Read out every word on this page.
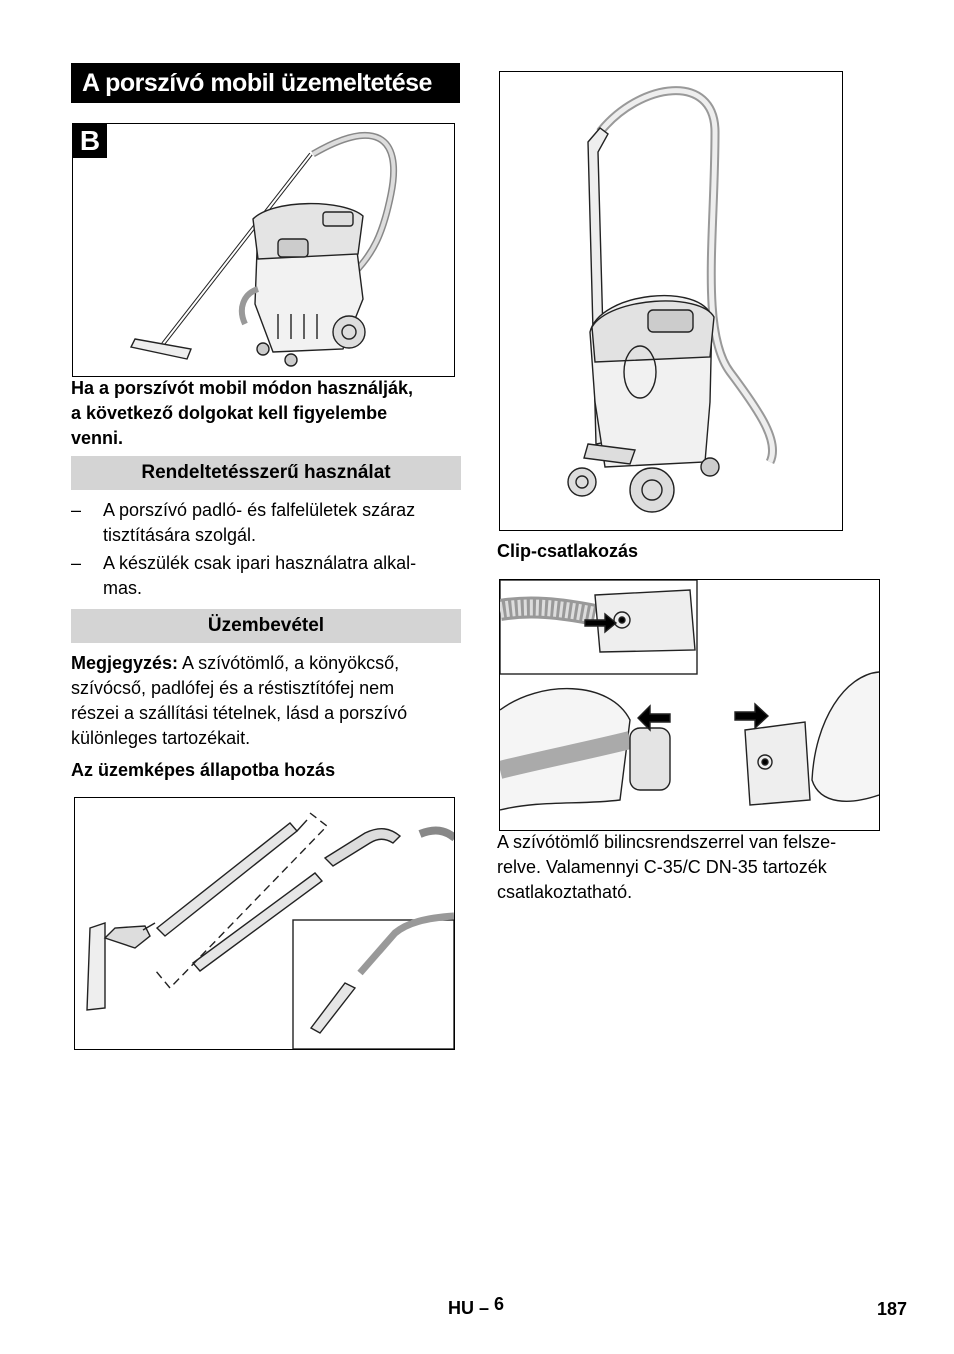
A porszívó mobil üzemeltetése
B
Ha a porszívót mobil módon használják,
a következő dolgokat kell figyelembe
venni.
Rendeltetésszerű használat
– A porszívó padló- és falfelületek száraz
tisztítására szolgál.
– A készülék csak ipari használatra alkal-
mas.
Üzembevétel
Megjegyzés: A szívótömlő, a könyökcső,
szívócső, padlófej és a réstisztítófej nem
részei a szállítási tételnek, lásd a porszívó
különleges tartozékait.
Az üzemképes állapotba hozás
Clip-csatlakozás
A szívótömlő bilincsrendszerrel van felsze-
relve. Valamennyi C-35/C DN-35 tartozék
csatlakoztatható.
HU – 6	187
